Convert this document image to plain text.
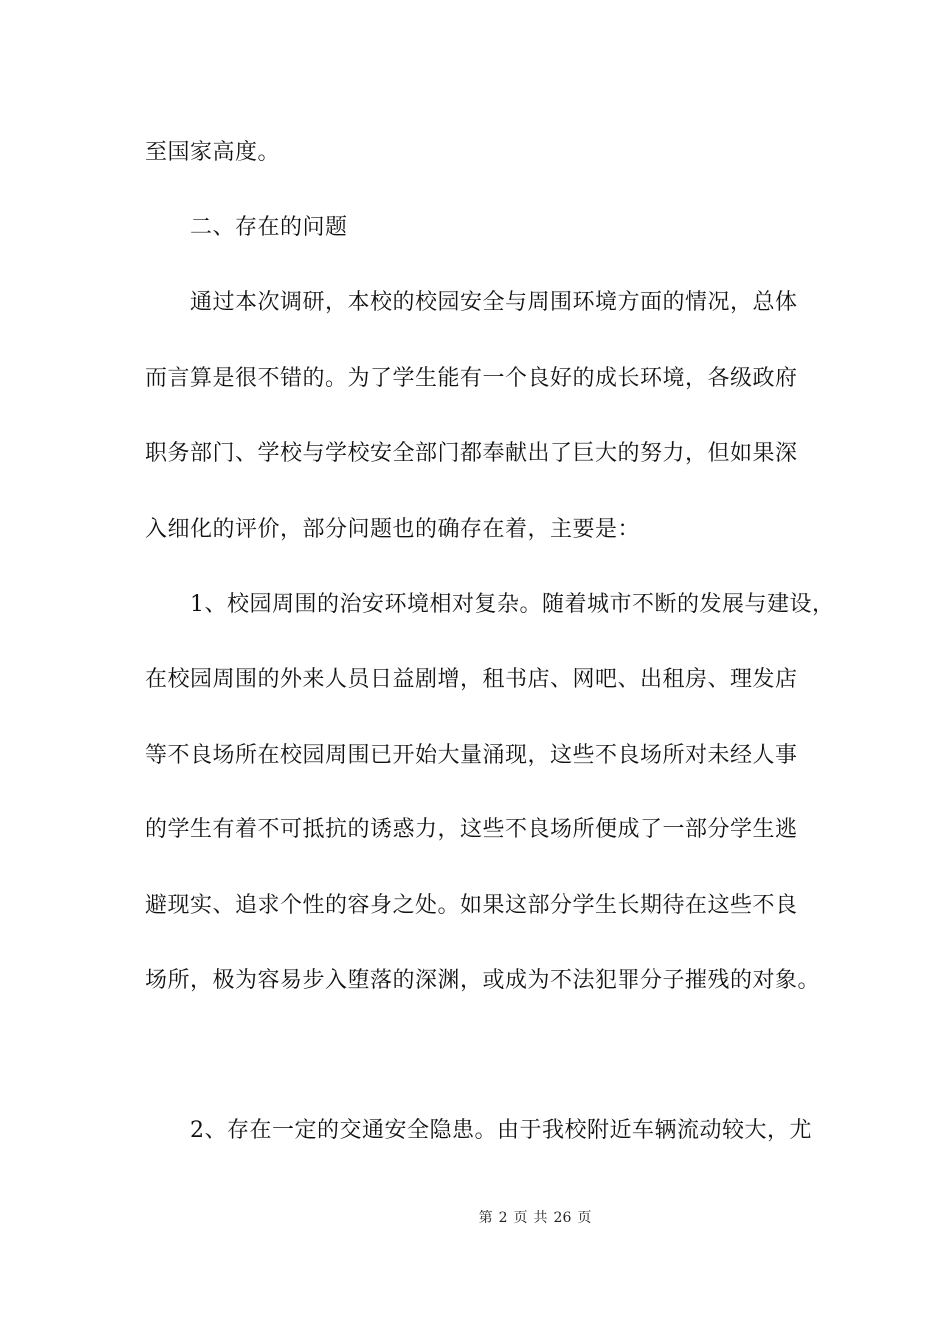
至国家高度。
二、存在的问题
通过本次调研，本校的校园安全与周围环境方面的情况，总体
而言算是很不错的。为了学生能有一个良好的成长环境，各级政府
职务部门、学校与学校安全部门都奉献出了巨大的努力，但如果深
入细化的评价，部分问题也的确存在着，主要是：
1、校园周围的治安环境相对复杂。随着城市不断的发展与建设，
在校园周围的外来人员日益剧增，租书店、网吧、出租房、理发店
等不良场所在校园周围已开始大量涌现，这些不良场所对未经人事
的学生有着不可抵抗的诱惑力，这些不良场所便成了一部分学生逃
避现实、追求个性的容身之处。如果这部分学生长期待在这些不良
场所，极为容易步入堕落的深渊，或成为不法犯罪分子摧残的对象。
2、存在一定的交通安全隐患。由于我校附近车辆流动较大，尤
第 2 页 共 26 页
